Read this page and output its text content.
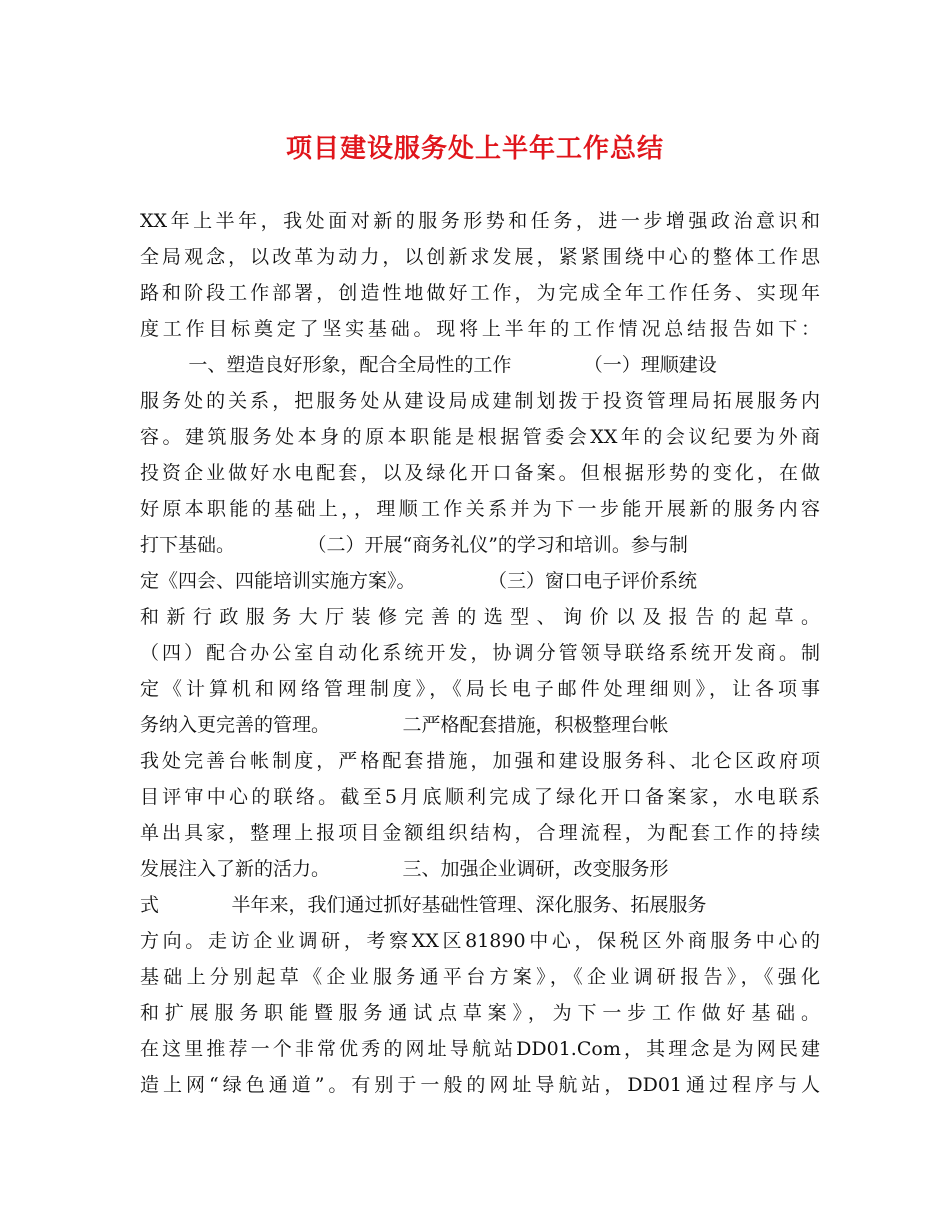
项目建设服务处上半年工作总结
XX年上半年，我处面对新的服务形势和任务，进一步增强政治意识和
全局观念，以改革为动力，以创新求发展，紧紧围绕中心的整体工作思
路和阶段工作部署，创造性地做好工作，为完成全年工作任务、实现年
度工作目标奠定了坚实基础。现将上半年的工作情况总结报告如下：
一、塑造良好形象，配合全局性的工作            （一）理顺建设
服务处的关系，把服务处从建设局成建制划拨于投资管理局拓展服务内
容。建筑服务处本身的原本职能是根据管委会XX年的会议纪要为外商
投资企业做好水电配套，以及绿化开口备案。但根据形势的变化，在做
好原本职能的基础上，，理顺工作关系并为下一步能开展新的服务内容
打下基础。            （二）开展“商务礼仪”的学习和培训。参与制
定《四会、四能培训实施方案》。            （三）窗口电子评价系统
和新行政服务大厅装修完善的选型、询价以及报告的起草。
（四）配合办公室自动化系统开发，协调分管领导联络系统开发商。制
定《计算机和网络管理制度》，《局长电子邮件处理细则》，让各项事
务纳入更完善的管理。            二严格配套措施，积极整理台帐
我处完善台帐制度，严格配套措施，加强和建设服务科、北仑区政府项
目评审中心的联络。截至5月底顺利完成了绿化开口备案家，水电联系
单出具家，整理上报项目金额组织结构，合理流程，为配套工作的持续
发展注入了新的活力。            三、加强企业调研，改变服务形
式            半年来，我们通过抓好基础性管理、深化服务、拓展服务
方向。走访企业调研，考察XX区81890中心，保税区外商服务中心的
基础上分别起草《企业服务通平台方案》，《企业调研报告》，《强化
和扩展服务职能暨服务通试点草案》，为下一步工作做好基础。
在这里推荐一个非常优秀的网址导航站DD01.Com，其理念是为网民建
造上网“绿色通道”。有别于一般的网址导航站，DD01通过程序与人
